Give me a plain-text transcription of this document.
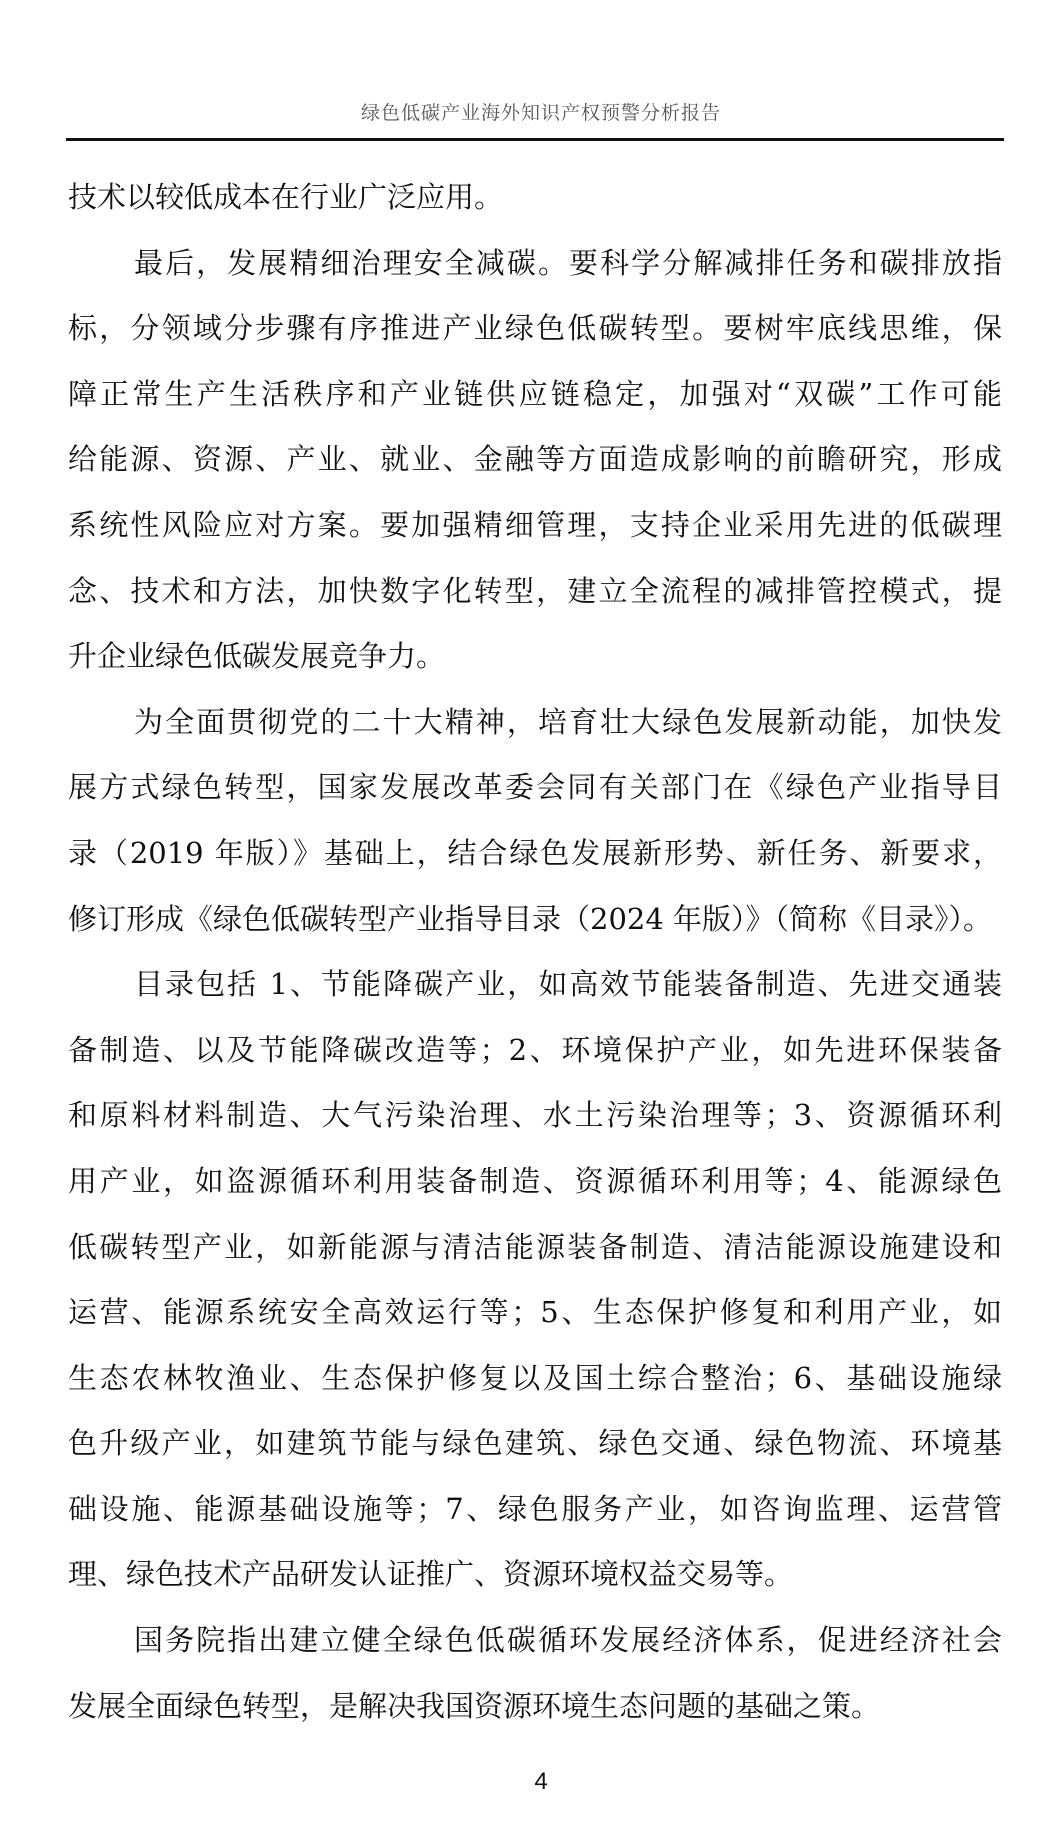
绿色低碳产业海外知识产权预警分析报告
技术以较低成本在行业广泛应用。
最后，发展精细治理安全减碳。要科学分解减排任务和碳排放指
标，分领域分步骤有序推进产业绿色低碳转型。要树牢底线思维，保
障正常生产生活秩序和产业链供应链稳定，加强对“双碳”工作可能
给能源、资源、产业、就业、金融等方面造成影响的前瞻研究，形成
系统性风险应对方案。要加强精细管理，支持企业采用先进的低碳理
念、技术和方法，加快数字化转型，建立全流程的减排管控模式，提
升企业绿色低碳发展竞争力。
为全面贯彻党的二十大精神，培育壮大绿色发展新动能，加快发
展方式绿色转型，国家发展改革委会同有关部门在《绿色产业指导目
录（2019 年版）》基础上，结合绿色发展新形势、新任务、新要求，
修订形成《绿色低碳转型产业指导目录（2024 年版）》（简称《目录》）。
目录包括 1、节能降碳产业，如高效节能装备制造、先进交通装
备制造、以及节能降碳改造等；2、环境保护产业，如先进环保装备
和原料材料制造、大气污染治理、水土污染治理等；3、资源循环利
用产业，如盗源循环利用装备制造、资源循环利用等；4、能源绿色
低碳转型产业，如新能源与清洁能源装备制造、清洁能源设施建设和
运营、能源系统安全高效运行等；5、生态保护修复和利用产业，如
生态农林牧渔业、生态保护修复以及国土综合整治；6、基础设施绿
色升级产业，如建筑节能与绿色建筑、绿色交通、绿色物流、环境基
础设施、能源基础设施等；7、绿色服务产业，如咨询监理、运营管
理、绿色技术产品研发认证推广、资源环境权益交易等。
国务院指出建立健全绿色低碳循环发展经济体系，促进经济社会
发展全面绿色转型，是解决我国资源环境生态问题的基础之策。
4
